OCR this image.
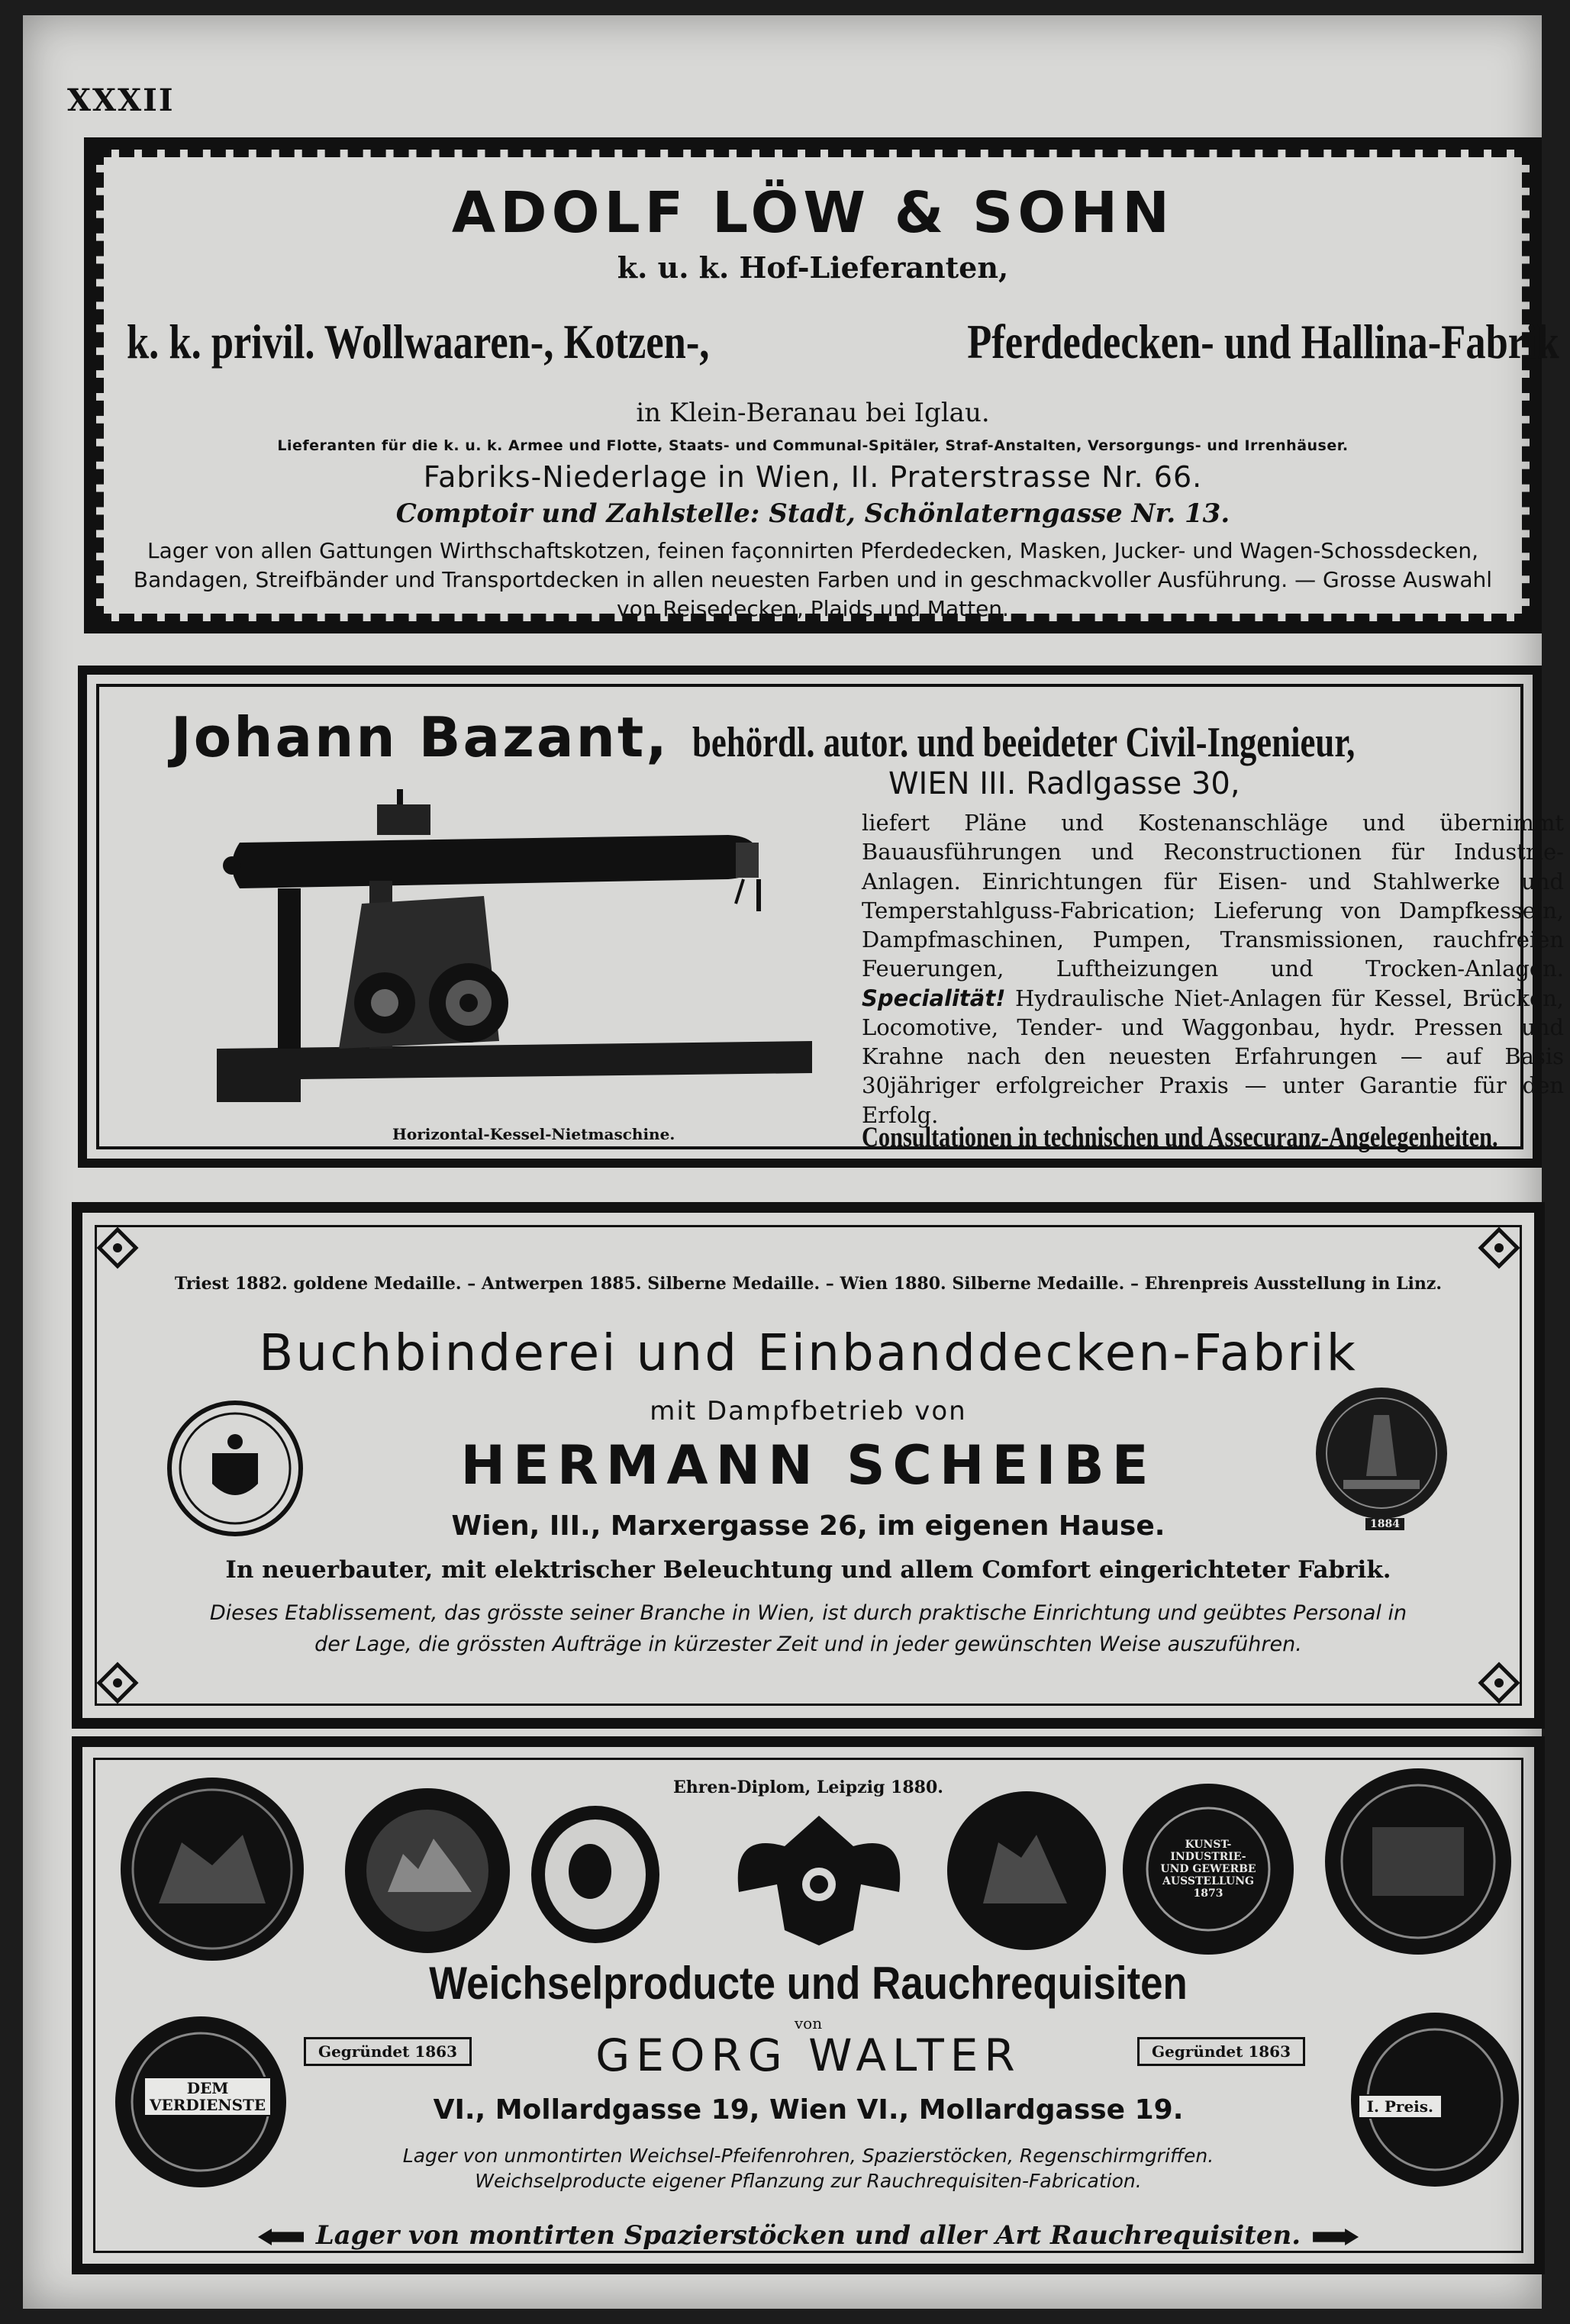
XXXII
ADOLF LÖW & SOHN
k. u. k. Hof-Lieferanten,
k. k. privil. Wollwaaren-, Kotzen-,	Pferdedecken- und Hallina-Fabrik
in Klein-Beranau bei Iglau.
Lieferanten für die k. u. k. Armee und Flotte, Staats- und Communal-Spitäler, Straf-Anstalten, Versorgungs- und Irrenhäuser.
Fabriks-Niederlage in Wien, II. Praterstrasse Nr. 66.
Comptoir und Zahlstelle: Stadt, Schönlaterngasse Nr. 13.
Lager von allen Gattungen Wirthschaftskotzen, feinen façonnirten Pferdedecken, Masken, Jucker- und Wagen-Schossdecken, Bandagen, Streifbänder und Transportdecken in allen neuesten Farben und in geschmackvoller Ausführung. — Grosse Auswahl von Reisedecken, Plaids und Matten.
Johann Bazant, behördl. autor. und beeideter Civil-Ingenieur,
WIEN III. Radlgasse 30,
Horizontal-Kessel-Nietmaschine.
liefert Pläne und Kostenanschläge und übernimmt Bauausführungen und Reconstructionen für Industrie-Anlagen. Einrichtungen für Eisen- und Stahlwerke und Temperstahlguss-Fabrication; Lieferung von Dampfkesseln, Dampfmaschinen, Pumpen, Transmissionen, rauchfreien Feuerungen, Luftheizungen und Trocken-Anlagen. Specialität! Hydraulische Niet-Anlagen für Kessel, Brücken, Locomotive, Tender- und Waggonbau, hydr. Pressen und Krahne nach den neuesten Erfahrungen — auf Basis 30jähriger erfolgreicher Praxis — unter Garantie für den Erfolg.
Consultationen in technischen und Assecuranz-Angelegenheiten.
Triest 1882. goldene Medaille. – Antwerpen 1885. Silberne Medaille. – Wien 1880. Silberne Medaille. – Ehrenpreis Ausstellung in Linz.
Buchbinderei und Einbanddecken-Fabrik
mit Dampfbetrieb von
HERMANN SCHEIBE
1884
Wien, III., Marxergasse 26, im eigenen Hause.
In neuerbauter, mit elektrischer Beleuchtung und allem Comfort eingerichteter Fabrik.
Dieses Etablissement, das grösste seiner Branche in Wien, ist durch praktische Einrichtung und geübtes Personal in
der Lage, die grössten Aufträge in kürzester Zeit und in jeder gewünschten Weise auszuführen.
Ehren-Diplom, Leipzig 1880.
KUNST-INDUSTRIE-UND GEWERBE AUSSTELLUNG 1873
Weichselproducte und Rauchrequisiten
von
DEM
VERDIENSTE	I. Preis.
Gegründet 1863	Gegründet 1863
GEORG WALTER
VI., Mollardgasse 19, Wien VI., Mollardgasse 19.
Lager von unmontirten Weichsel-Pfeifenrohren, Spazierstöcken, Regenschirmgriffen.
Weichselproducte eigener Pflanzung zur Rauchrequisiten-Fabrication.
Lager von montirten Spazierstöcken und aller Art Rauchrequisiten.
